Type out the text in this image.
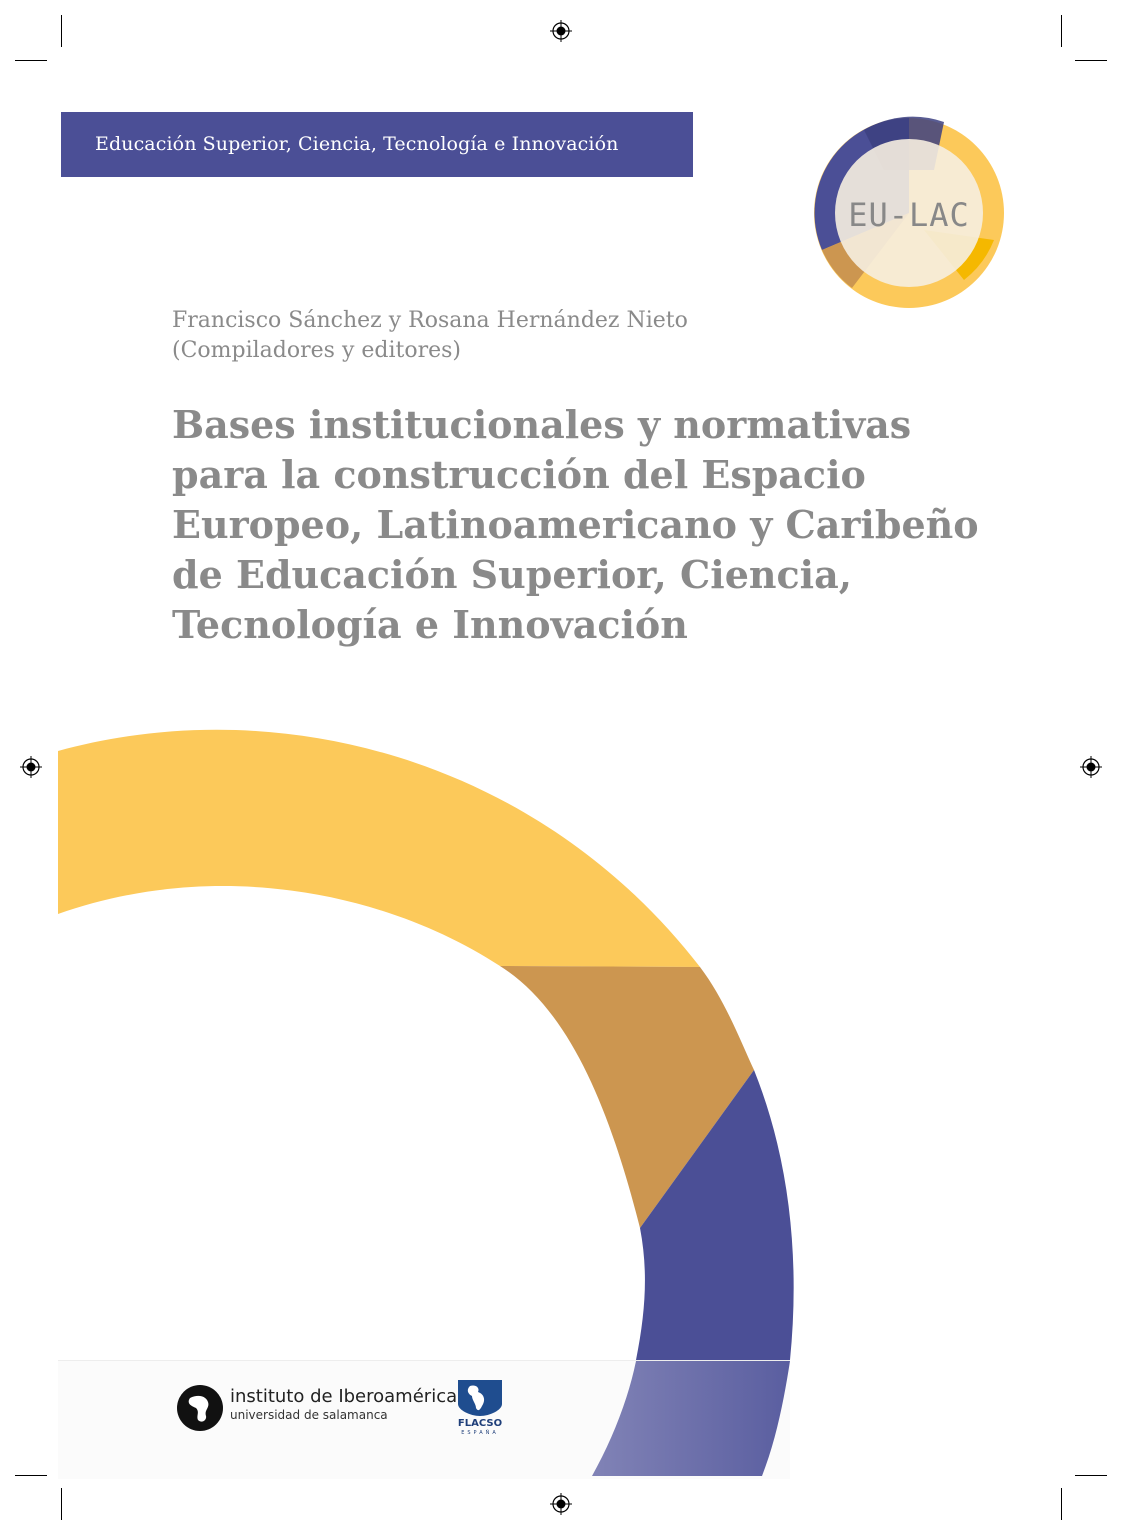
Educación Superior, Ciencia, Tecnología e Innovación
EU-LAC
Francisco Sánchez y Rosana Hernández Nieto
(Compiladores y editores)
Bases institucionales y normativas
para la construcción del Espacio
Europeo, Latinoamericano y Caribeño
de Educación Superior, Ciencia,
Tecnología e Innovación
instituto de Iberoamérica
universidad de salamanca
FLACSO
ESPAÑA
